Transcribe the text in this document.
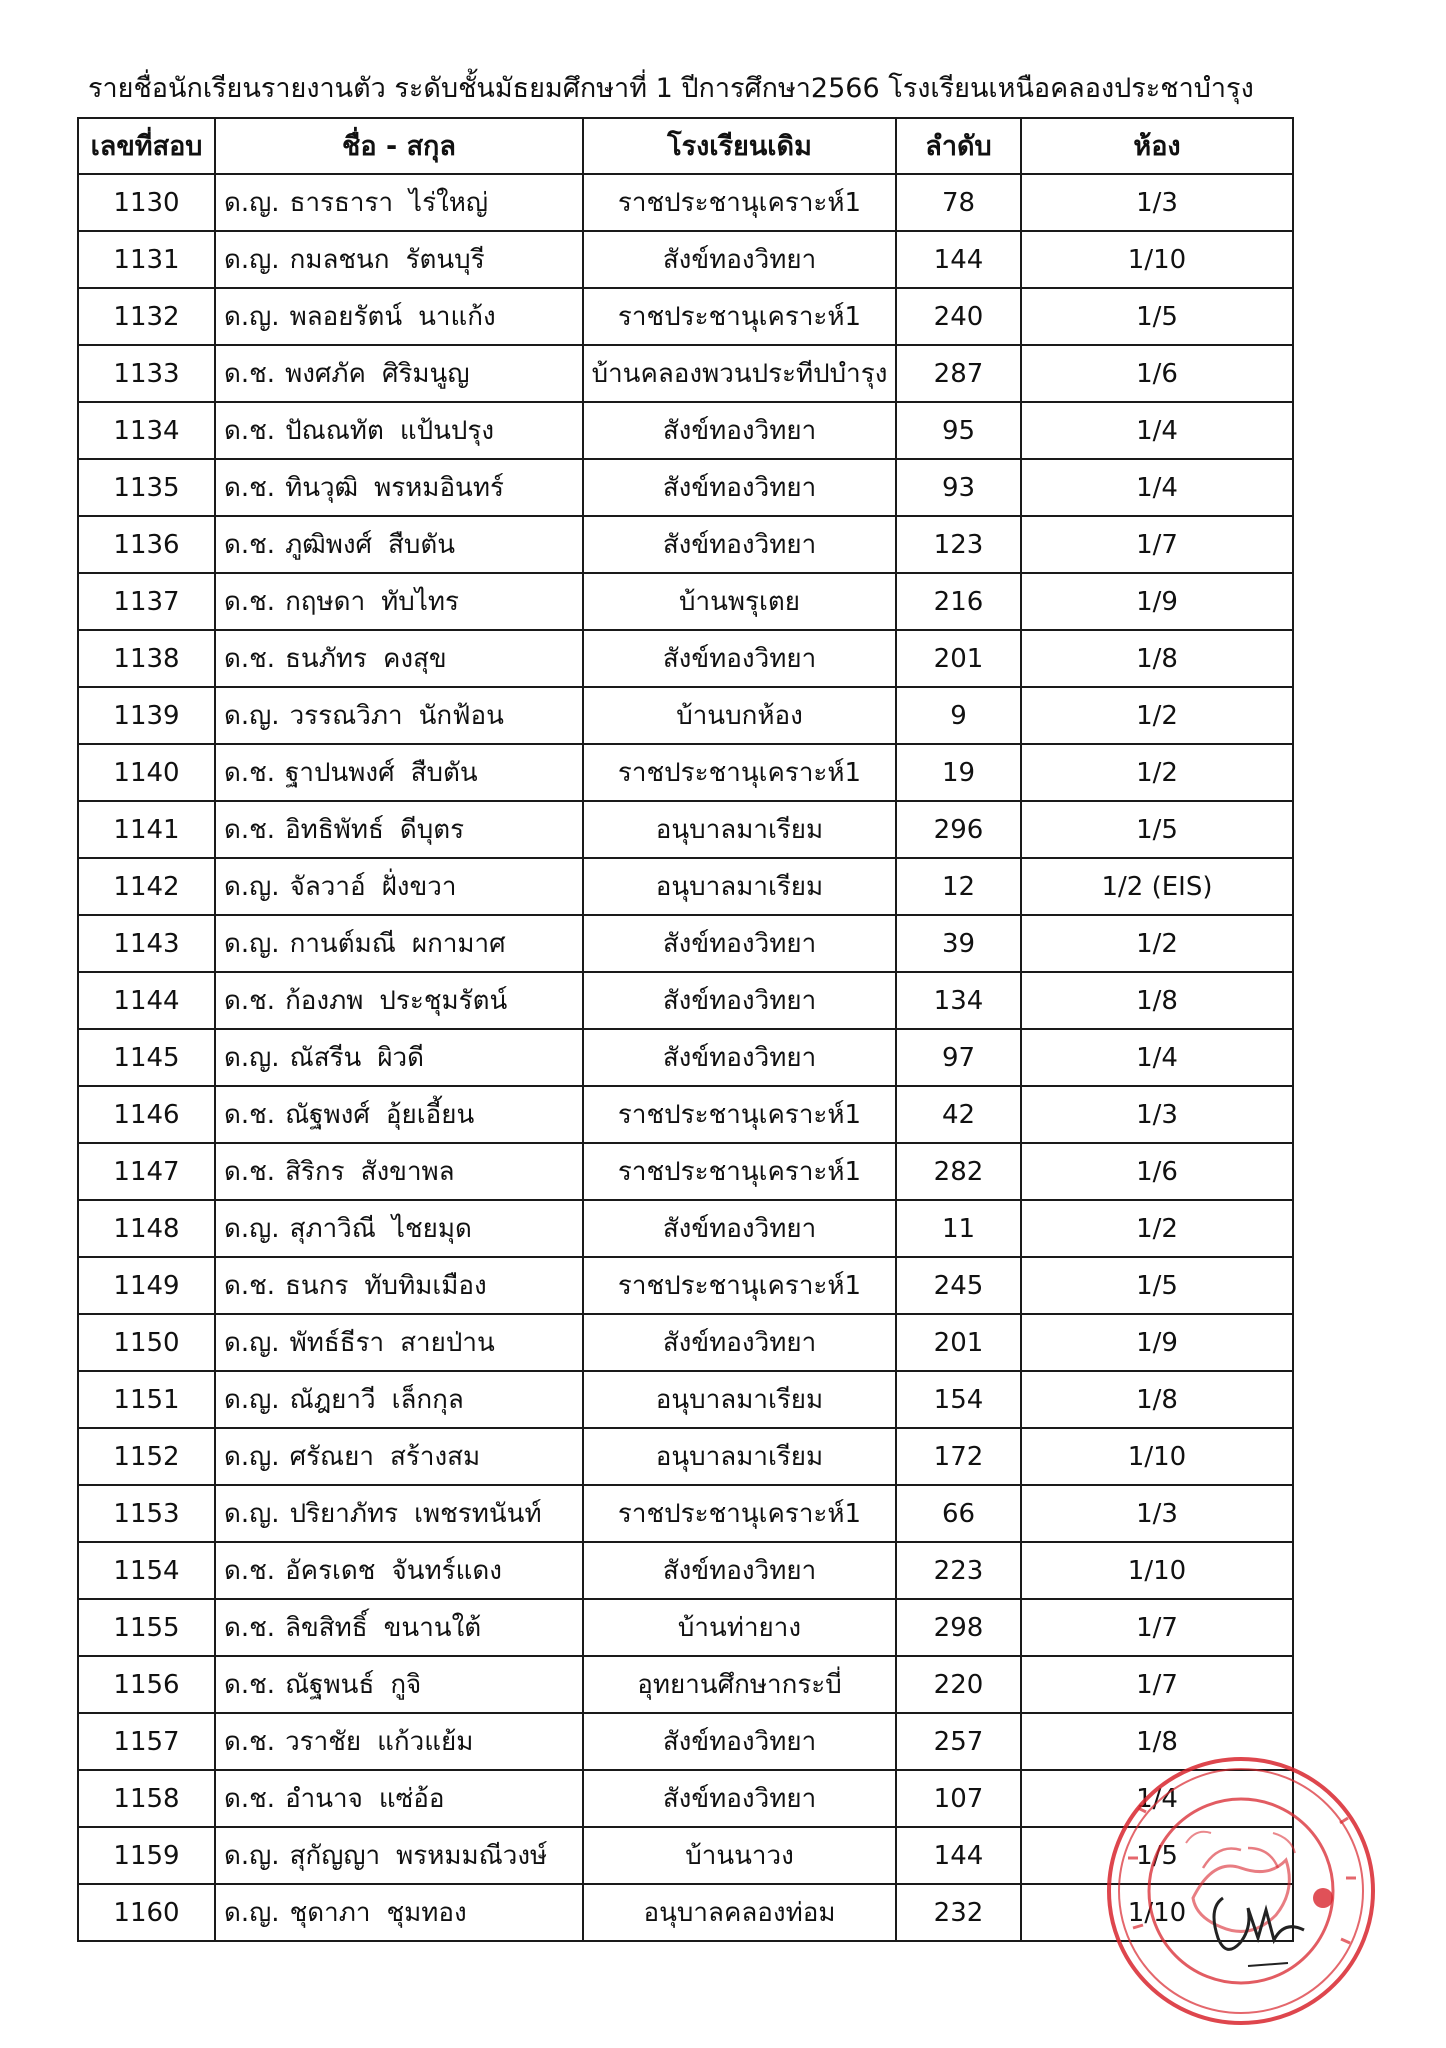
รายชื่อนักเรียนรายงานตัว ระดับชั้นมัธยมศึกษาที่ 1 ปีการศึกษา2566 โรงเรียนเหนือคลองประชาบำรุง
เลขที่สอบ	ชื่อ - สกุล	โรงเรียนเดิม	ลำดับ	ห้อง
1130	ด.ญ. ธารธารา ไร่ใหญ่	ราชประชานุเคราะห์1	78	1/3
1131	ด.ญ. กมลชนก รัตนบุรี	สังข์ทองวิทยา	144	1/10
1132	ด.ญ. พลอยรัตน์ นาแก้ง	ราชประชานุเคราะห์1	240	1/5
1133	ด.ช. พงศภัค ศิริมนูญ	บ้านคลองพวนประทีปบำรุง	287	1/6
1134	ด.ช. ปัณณทัต แป้นปรุง	สังข์ทองวิทยา	95	1/4
1135	ด.ช. ทินวุฒิ พรหมอินทร์	สังข์ทองวิทยา	93	1/4
1136	ด.ช. ภูฒิพงศ์ สืบตัน	สังข์ทองวิทยา	123	1/7
1137	ด.ช. กฤษดา ทับไทร	บ้านพรุเตย	216	1/9
1138	ด.ช. ธนภัทร คงสุข	สังข์ทองวิทยา	201	1/8
1139	ด.ญ. วรรณวิภา นักฟ้อน	บ้านบกห้อง	9	1/2
1140	ด.ช. ฐาปนพงศ์ สืบตัน	ราชประชานุเคราะห์1	19	1/2
1141	ด.ช. อิทธิพัทธ์ ดีบุตร	อนุบาลมาเรียม	296	1/5
1142	ด.ญ. จัลวาอ์ ฝั่งขวา	อนุบาลมาเรียม	12	1/2 (EIS)
1143	ด.ญ. กานต์มณี ผกามาศ	สังข์ทองวิทยา	39	1/2
1144	ด.ช. ก้องภพ ประชุมรัตน์	สังข์ทองวิทยา	134	1/8
1145	ด.ญ. ณัสรีน ผิวดี	สังข์ทองวิทยา	97	1/4
1146	ด.ช. ณัฐพงศ์ อุ้ยเอี้ยน	ราชประชานุเคราะห์1	42	1/3
1147	ด.ช. สิริกร สังขาพล	ราชประชานุเคราะห์1	282	1/6
1148	ด.ญ. สุภาวิณี ไชยมุด	สังข์ทองวิทยา	11	1/2
1149	ด.ช. ธนกร ทับทิมเมือง	ราชประชานุเคราะห์1	245	1/5
1150	ด.ญ. พัทธ์ธีรา สายป่าน	สังข์ทองวิทยา	201	1/9
1151	ด.ญ. ณัฎยาวี เล็กกุล	อนุบาลมาเรียม	154	1/8
1152	ด.ญ. ศรัณยา สร้างสม	อนุบาลมาเรียม	172	1/10
1153	ด.ญ. ปริยาภัทร เพชรทนันท์	ราชประชานุเคราะห์1	66	1/3
1154	ด.ช. อัครเดช จันทร์แดง	สังข์ทองวิทยา	223	1/10
1155	ด.ช. ลิขสิทธิ์ ขนานใต้	บ้านท่ายาง	298	1/7
1156	ด.ช. ณัฐพนธ์ กูจิ	อุทยานศึกษากระบี่	220	1/7
1157	ด.ช. วราชัย แก้วแย้ม	สังข์ทองวิทยา	257	1/8
1158	ด.ช. อำนาจ แซ่อ้อ	สังข์ทองวิทยา	107	1/4
1159	ด.ญ. สุกัญญา พรหมมณีวงษ์	บ้านนาวง	144	1/5
1160	ด.ญ. ชุดาภา ชุมทอง	อนุบาลคลองท่อม	232	1/10
